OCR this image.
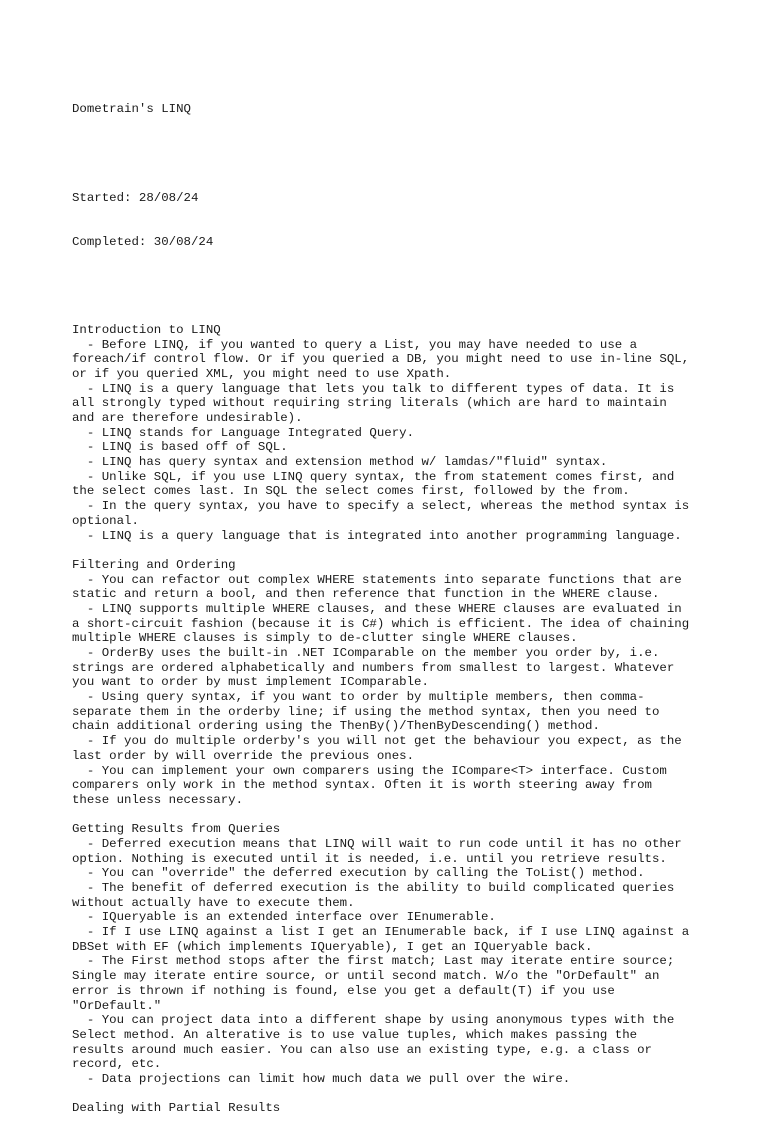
Dometrain's LINQ

Started: 28/08/24

Completed: 30/08/24

Introduction to LINQ
- Before LINQ, if you wanted to query a List, you may have needed to use a
foreach/if control flow. Or if you queried a DB, you might need to use in-line SQL,
or if you queried XML, you might need to use Xpath.
- LINQ is a query language that lets you talk to different types of data. It is
all strongly typed without requiring string literals (which are hard to maintain
and are therefore undesirable).
- LINQ stands for Language Integrated Query.
- LINQ is based off of SQL.
- LINQ has query syntax and extension method w/ lamdas/"fluid" syntax.
- Unlike SQL, if you use LINQ query syntax, the from statement comes first, and
the select comes last. In SQL the select comes first, followed by the from.
- In the query syntax, you have to specify a select, whereas the method syntax is
optional.
- LINQ is a query language that is integrated into another programming language.
Filtering and Ordering
- You can refactor out complex WHERE statements into separate functions that are
static and return a bool, and then reference that function in the WHERE clause.
- LINQ supports multiple WHERE clauses, and these WHERE clauses are evaluated in
a short-circuit fashion (because it is C#) which is efficient. The idea of chaining
multiple WHERE clauses is simply to de-clutter single WHERE clauses.
- OrderBy uses the built-in .NET IComparable on the member you order by, i.e.
strings are ordered alphabetically and numbers from smallest to largest. Whatever
you want to order by must implement IComparable.
- Using query syntax, if you want to order by multiple members, then comma-
separate them in the orderby line; if using the method syntax, then you need to
chain additional ordering using the ThenBy()/ThenByDescending() method.
- If you do multiple orderby's you will not get the behaviour you expect, as the
last order by will override the previous ones.
- You can implement your own comparers using the ICompare<T> interface. Custom
comparers only work in the method syntax. Often it is worth steering away from
these unless necessary.
Getting Results from Queries
- Deferred execution means that LINQ will wait to run code until it has no other
option. Nothing is executed until it is needed, i.e. until you retrieve results.
- You can "override" the deferred execution by calling the ToList() method.
- The benefit of deferred execution is the ability to build complicated queries
without actually have to execute them.
- IQueryable is an extended interface over IEnumerable.
- If I use LINQ against a list I get an IEnumerable back, if I use LINQ against a
DBSet with EF (which implements IQueryable), I get an IQueryable back.
- The First method stops after the first match; Last may iterate entire source;
Single may iterate entire source, or until second match. W/o the "OrDefault" an
error is thrown if nothing is found, else you get a default(T) if you use
"OrDefault."
- You can project data into a different shape by using anonymous types with the
Select method. An alterative is to use value tuples, which makes passing the
results around much easier. You can also use an existing type, e.g. a class or
record, etc.
- Data projections can limit how much data we pull over the wire.
Dealing with Partial Results
